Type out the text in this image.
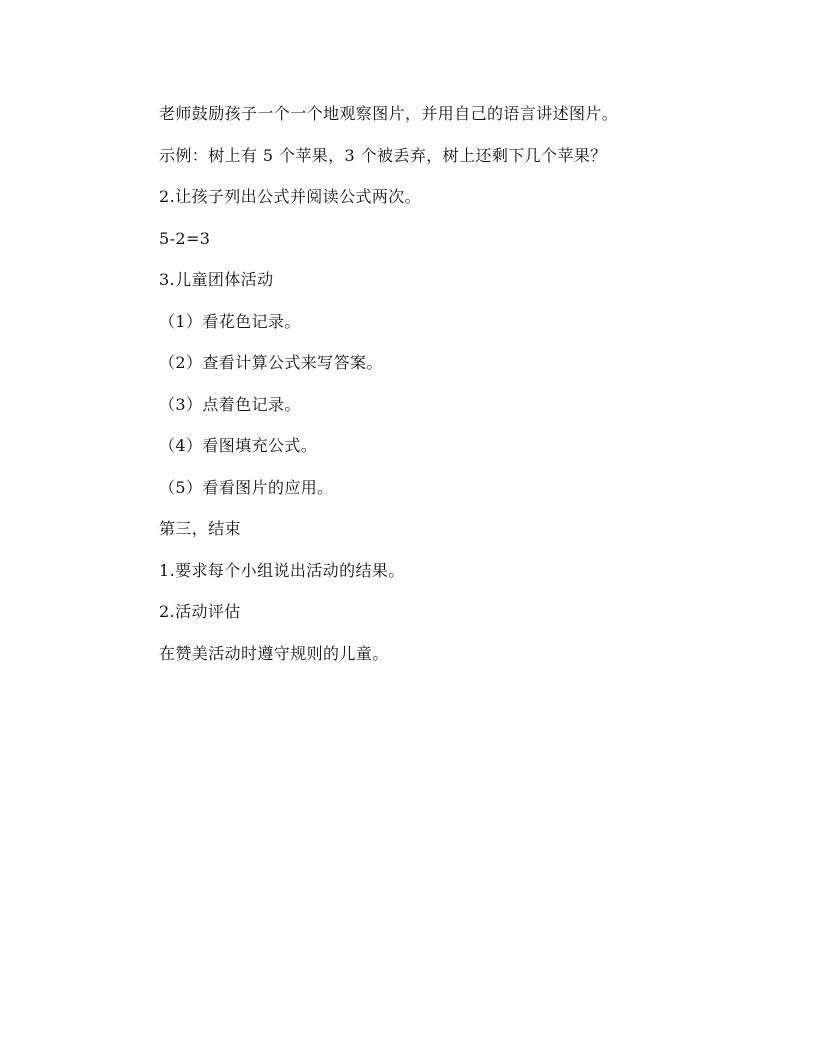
老师鼓励孩子一个一个地观察图片，并用自己的语言讲述图片。

示例：树上有 5 个苹果，3 个被丢弃，树上还剩下几个苹果？

2.让孩子列出公式并阅读公式两次。

5-2=3

3.儿童团体活动

（1）看花色记录。

（2）查看计算公式来写答案。

（3）点着色记录。

（4）看图填充公式。

（5）看看图片的应用。

第三，结束

1.要求每个小组说出活动的结果。

2.活动评估

在赞美活动时遵守规则的儿童。
